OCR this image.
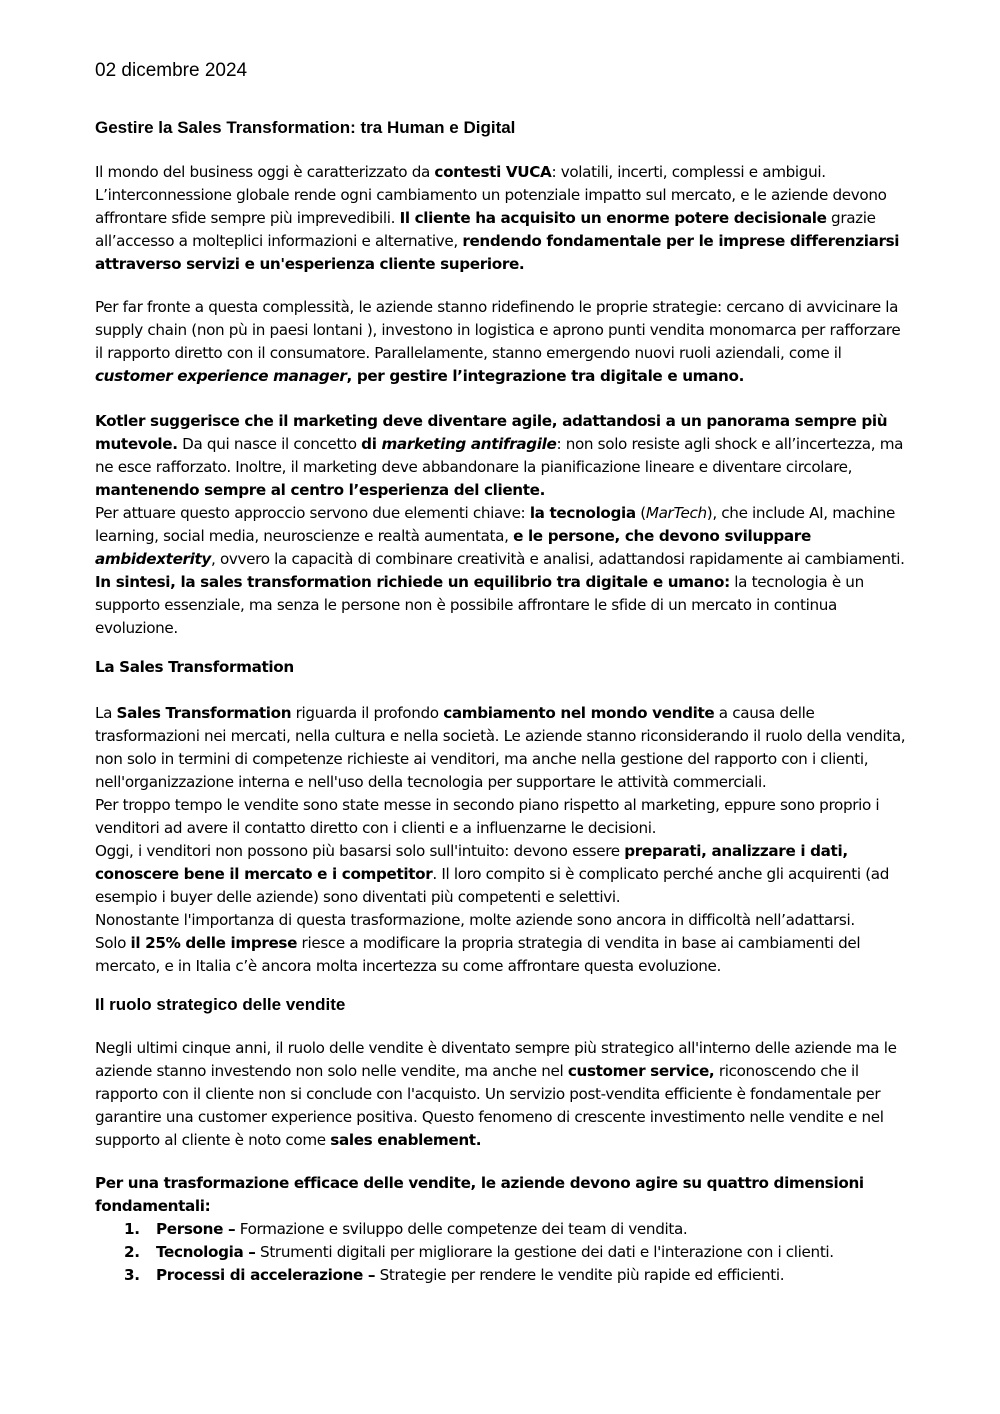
02 dicembre 2024
Gestire la Sales Transformation: tra Human e Digital

Il mondo del business oggi è caratterizzato da contesti VUCA: volatili, incerti, complessi e ambigui. L’interconnessione globale rende ogni cambiamento un potenziale impatto sul mercato, e le aziende devono affrontare sfide sempre più imprevedibili. Il cliente ha acquisito un enorme potere decisionale grazie all’accesso a molteplici informazioni e alternative, rendendo fondamentale per le imprese differenziarsi attraverso servizi e un'esperienza cliente superiore.

Per far fronte a questa complessità, le aziende stanno ridefinendo le proprie strategie: cercano di avvicinare la supply chain (non pù in paesi lontani ), investono in logistica e aprono punti vendita monomarca per rafforzare il rapporto diretto con il consumatore. Parallelamente, stanno emergendo nuovi ruoli aziendali, come il customer experience manager, per gestire l’integrazione tra digitale e umano.

Kotler suggerisce che il marketing deve diventare agile, adattandosi a un panorama sempre più mutevole. Da qui nasce il concetto di marketing antifragile: non solo resiste agli shock e all’incertezza, ma ne esce rafforzato. Inoltre, il marketing deve abbandonare la pianificazione lineare e diventare circolare, mantenendo sempre al centro l’esperienza del cliente.

Per attuare questo approccio servono due elementi chiave: la tecnologia (MarTech), che include AI, machine learning, social media, neuroscienze e realtà aumentata, e le persone, che devono sviluppare ambidexterity, ovvero la capacità di combinare creatività e analisi, adattandosi rapidamente ai cambiamenti.

In sintesi, la sales transformation richiede un equilibrio tra digitale e umano: la tecnologia è un supporto essenziale, ma senza le persone non è possibile affrontare le sfide di un mercato in continua evoluzione.

La Sales Transformation

La Sales Transformation riguarda il profondo cambiamento nel mondo vendite a causa delle trasformazioni nei mercati, nella cultura e nella società. Le aziende stanno riconsiderando il ruolo della vendita, non solo in termini di competenze richieste ai venditori, ma anche nella gestione del rapporto con i clienti, nell'organizzazione interna e nell'uso della tecnologia per supportare le attività commerciali.

Per troppo tempo le vendite sono state messe in secondo piano rispetto al marketing, eppure sono proprio i venditori ad avere il contatto diretto con i clienti e a influenzarne le decisioni.

Oggi, i venditori non possono più basarsi solo sull'intuito: devono essere preparati, analizzare i dati, conoscere bene il mercato e i competitor. Il loro compito si è complicato perché anche gli acquirenti (ad esempio i buyer delle aziende) sono diventati più competenti e selettivi.

Nonostante l'importanza di questa trasformazione, molte aziende sono ancora in difficoltà nell’adattarsi.

Solo il 25% delle imprese riesce a modificare la propria strategia di vendita in base ai cambiamenti del mercato, e in Italia c’è ancora molta incertezza su come affrontare questa evoluzione.

Il ruolo strategico delle vendite

Negli ultimi cinque anni, il ruolo delle vendite è diventato sempre più strategico all'interno delle aziende ma le aziende stanno investendo non solo nelle vendite, ma anche nel customer service, riconoscendo che il rapporto con il cliente non si conclude con l'acquisto. Un servizio post-vendita efficiente è fondamentale per garantire una customer experience positiva. Questo fenomeno di crescente investimento nelle vendite e nel supporto al cliente è noto come sales enablement.

Per una trasformazione efficace delle vendite, le aziende devono agire su quattro dimensioni fondamentali:

1. Persone – Formazione e sviluppo delle competenze dei team di vendita.
2. Tecnologia – Strumenti digitali per migliorare la gestione dei dati e l'interazione con i clienti.
3. Processi di accelerazione – Strategie per rendere le vendite più rapide ed efficienti.
